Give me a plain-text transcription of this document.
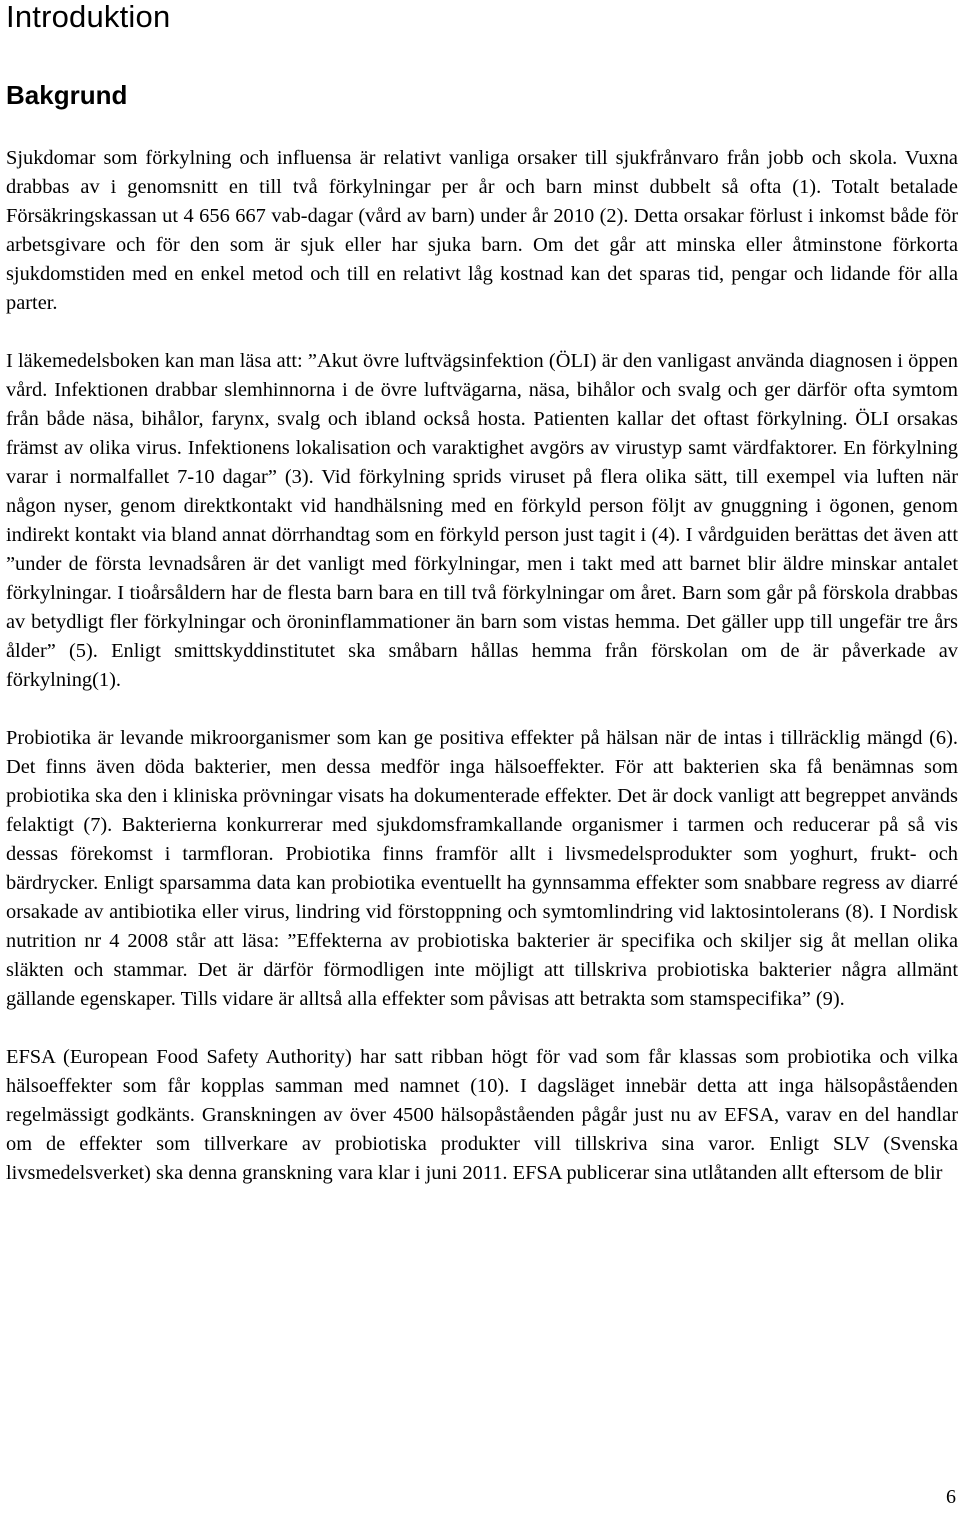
Introduktion
Bakgrund

Sjukdomar som förkylning och influensa är relativt vanliga orsaker till sjukfrånvaro från jobb och skola. Vuxna drabbas av i genomsnitt en till två förkylningar per år och barn minst dubbelt så ofta (1). Totalt betalade Försäkringskassan ut 4 656 667 vab-dagar (vård av barn) under år 2010 (2). Detta orsakar förlust i inkomst både för arbetsgivare och för den som är sjuk eller har sjuka barn. Om det går att minska eller åtminstone förkorta sjukdomstiden med en enkel metod och till en relativt låg kostnad kan det sparas tid, pengar och lidande för alla parter.

I läkemedelsboken kan man läsa att: ”Akut övre luftvägsinfektion (ÖLI) är den vanligast använda diagnosen i öppen vård. Infektionen drabbar slemhinnorna i de övre luftvägarna, näsa, bihålor och svalg och ger därför ofta symtom från både näsa, bihålor, farynx, svalg och ibland också hosta. Patienten kallar det oftast förkylning. ÖLI orsakas främst av olika virus. Infektionens lokalisation och varaktighet avgörs av virustyp samt värdfaktorer. En förkylning varar i normalfallet 7-10 dagar” (3). Vid förkylning sprids viruset på flera olika sätt, till exempel via luften när någon nyser, genom direktkontakt vid handhälsning med en förkyld person följt av gnuggning i ögonen, genom indirekt kontakt via bland annat dörrhandtag som en förkyld person just tagit i (4). I vårdguiden berättas det även att ”under de första levnadsåren är det vanligt med förkylningar, men i takt med att barnet blir äldre minskar antalet förkylningar. I tioårsåldern har de flesta barn bara en till två förkylningar om året. Barn som går på förskola drabbas av betydligt fler förkylningar och öroninflammationer än barn som vistas hemma. Det gäller upp till ungefär tre års ålder” (5). Enligt smittskyddinstitutet ska småbarn hållas hemma från förskolan om de är påverkade av förkylning(1).

Probiotika är levande mikroorganismer som kan ge positiva effekter på hälsan när de intas i tillräcklig mängd (6). Det finns även döda bakterier, men dessa medför inga hälsoeffekter. För att bakterien ska få benämnas som probiotika ska den i kliniska prövningar visats ha dokumenterade effekter. Det är dock vanligt att begreppet används felaktigt (7). Bakterierna konkurrerar med sjukdomsframkallande organismer i tarmen och reducerar på så vis dessas förekomst i tarmfloran. Probiotika finns framför allt i livsmedelsprodukter som yoghurt, frukt- och bärdrycker. Enligt sparsamma data kan probiotika eventuellt ha gynnsamma effekter som snabbare regress av diarré orsakade av antibiotika eller virus, lindring vid förstoppning och symtomlindring vid laktosintolerans (8). I Nordisk nutrition nr 4 2008 står att läsa: ”Effekterna av probiotiska bakterier är specifika och skiljer sig åt mellan olika släkten och stammar. Det är därför förmodligen inte möjligt att tillskriva probiotiska bakterier några allmänt gällande egenskaper. Tills vidare är alltså alla effekter som påvisas att betrakta som stamspecifika” (9).

EFSA (European Food Safety Authority) har satt ribban högt för vad som får klassas som probiotika och vilka hälsoeffekter som får kopplas samman med namnet (10). I dagsläget innebär detta att inga hälsopåståenden regelmässigt godkänts. Granskningen av över 4500 hälsopåståenden pågår just nu av EFSA, varav en del handlar om de effekter som tillverkare av probiotiska produkter vill tillskriva sina varor. Enligt SLV (Svenska livsmedelsverket) ska denna granskning vara klar i juni 2011. EFSA publicerar sina utlåtanden allt eftersom de blir

6
